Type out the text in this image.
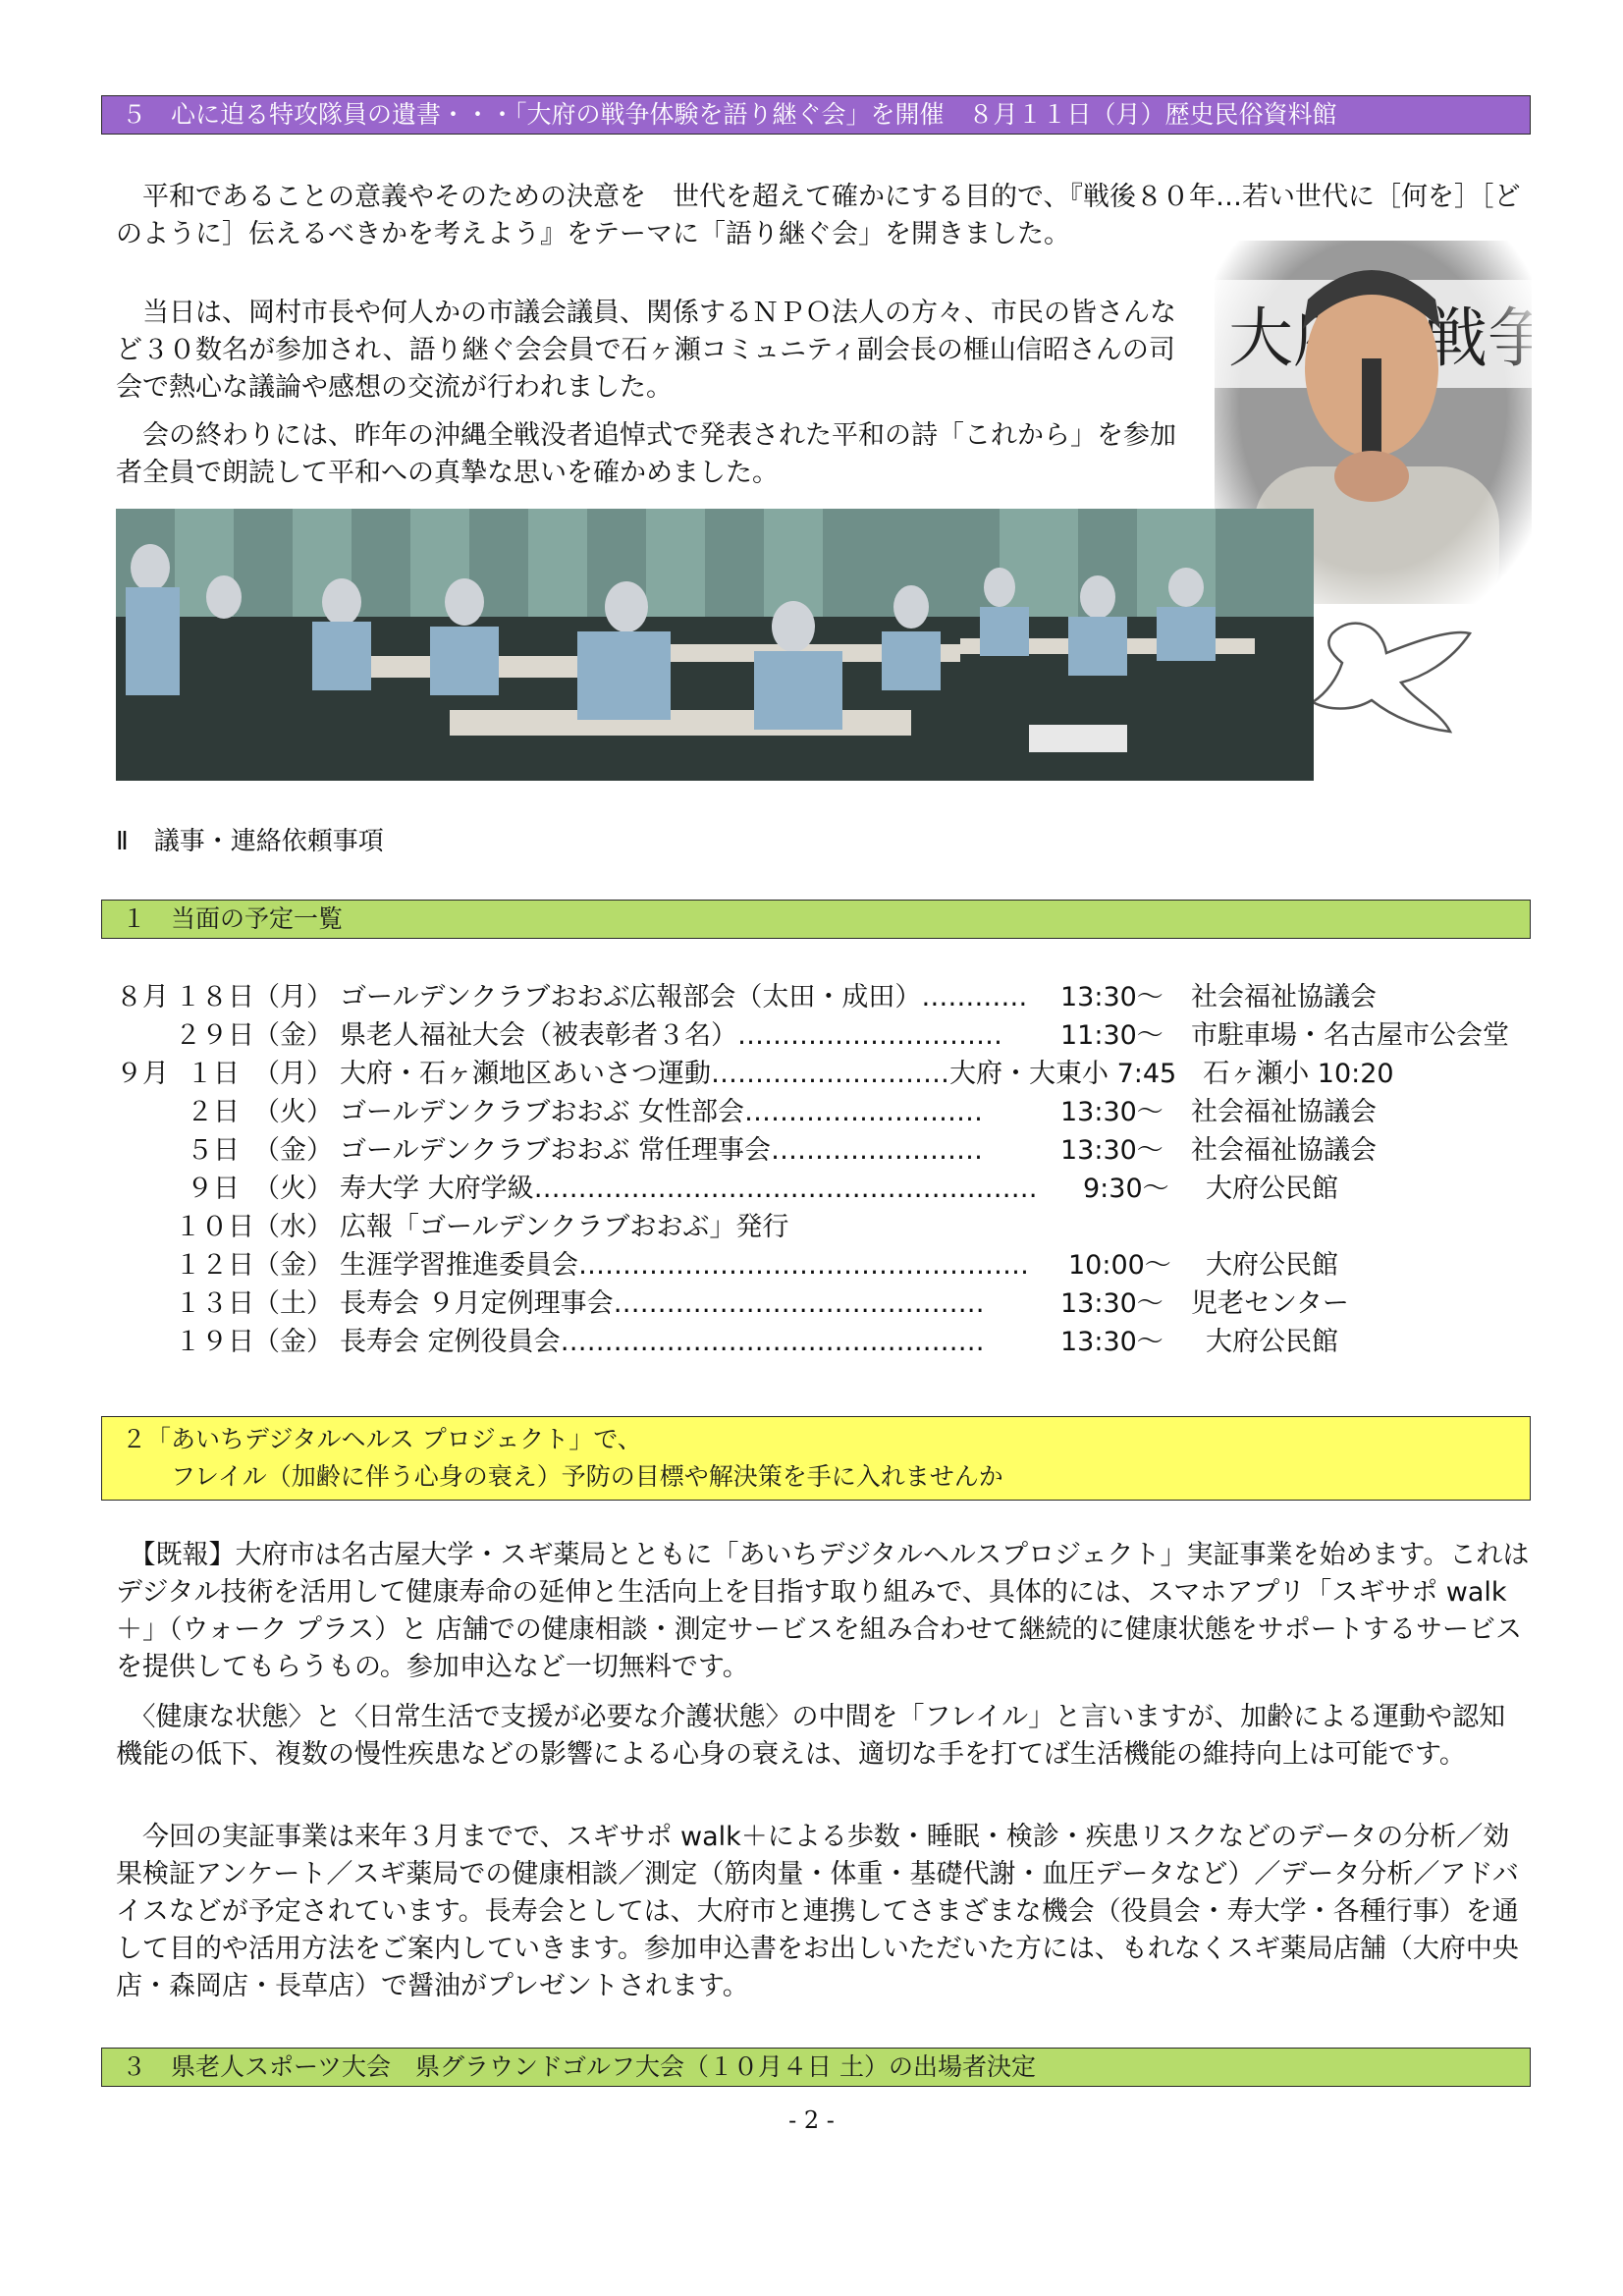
５　心に迫る特攻隊員の遺書・・・「大府の戦争体験を語り継ぐ会」を開催　８月１１日（月）歴史民俗資料館

　平和であることの意義やそのための決意を　世代を超えて確かにする目的で、『戦後８０年…若い世代に［何を］［どのように］伝えるべきかを考えよう』をテーマに「語り継ぐ会」を開きました。

　当日は、岡村市長や何人かの市議会議員、関係するＮＰＯ法人の方々、市民の皆さんなど３０数名が参加され、語り継ぐ会会員で石ヶ瀬コミュニティ副会長の榧山信昭さんの司会で熱心な議論や感想の交流が行われました。

　会の終わりには、昨年の沖縄全戦没者追悼式で発表された平和の詩「これから」を参加者全員で朗読して平和への真摯な思いを確かめました。

Ⅱ　議事・連絡依頼事項
１　当面の予定一覧
８月 １８日 （月） ゴールデンクラブおおぶ広報部会（太田・成田）………… 13:30～ 社会福祉協議会
２９日 （金） 県老人福祉大会（被表彰者３名）………………………… 11:30～ 市駐車場・名古屋市公会堂
９月 １日 （月） 大府・石ヶ瀬地区あいさつ運動………………………大府・大東小 7:45　石ヶ瀬小 10:20
２日 （火） ゴールデンクラブおおぶ 女性部会………………………	13:30～ 社会福祉協議会
５日 （金） ゴールデンクラブおおぶ 常任理事会……………………	13:30～ 社会福祉協議会
９日 （火） 寿大学 大府学級………………………………………………… 9:30～ 大府公民館
１０日 （水） 広報「ゴールデンクラブおおぶ」発行
１２日 （金） 生涯学習推進委員会…………………………………………… 10:00～ 大府公民館
１３日 （土） 長寿会 ９月定例理事会……………………………………	13:30～ 児老センター
１９日 （金） 長寿会 定例役員会…………………………………………	13:30～ 大府公民館
２「あいちデジタルヘルス プロジェクト」で、
　　フレイル（加齢に伴う心身の衰え）予防の目標や解決策を手に入れませんか

　【既報】大府市は名古屋大学・スギ薬局とともに「あいちデジタルヘルスプロジェクト」実証事業を始めます。これはデジタル技術を活用して健康寿命の延伸と生活向上を目指す取り組みで、具体的には、スマホアプリ「スギサポ walk＋」（ウォーク プラス）と 店舗での健康相談・測定サービスを組み合わせて継続的に健康状態をサポートするサービスを提供してもらうもの。参加申込など一切無料です。

　〈健康な状態〉と〈日常生活で支援が必要な介護状態〉の中間を「フレイル」と言いますが、加齢による運動や認知機能の低下、複数の慢性疾患などの影響による心身の衰えは、適切な手を打てば生活機能の維持向上は可能です。

　今回の実証事業は来年３月までで、スギサポ walk＋による歩数・睡眠・検診・疾患リスクなどのデータの分析／効果検証アンケート／スギ薬局での健康相談／測定（筋肉量・体重・基礎代謝・血圧データなど）／データ分析／アドバイスなどが予定されています。長寿会としては、大府市と連携してさまざまな機会（役員会・寿大学・各種行事）を通して目的や活用方法をご案内していきます。参加申込書をお出しいただいた方には、もれなくスギ薬局店舗（大府中央店・森岡店・長草店）で醤油がプレゼントされます。

３　県老人スポーツ大会　県グラウンドゴルフ大会（１０月４日 土）の出場者決定
- 2 -
